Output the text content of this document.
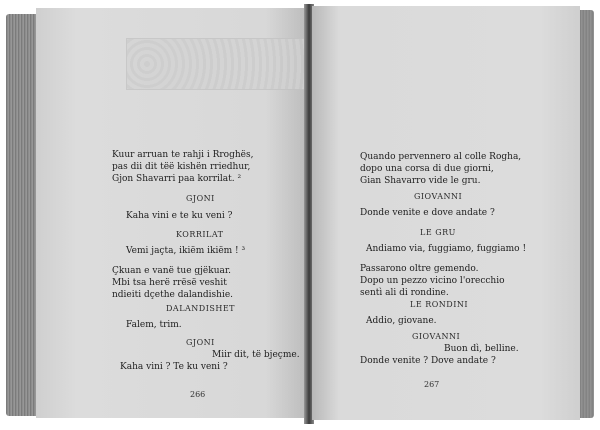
Kuur arruan te rahji i Rroghës,
pas dii dit tëë kishën rriedhur,
Gjon Shavarri paa korrilat. ²
GJONI
Kaha vini e te ku veni ?
KORRILAT
Vemi jaçta, ikiëm ikiëm ! ³
Çkuan e vanë tue gjëkuar.
Mbi tsa herë rrësë veshit
ndieiti dçethe dalandishie.
DALANDISHET
Falem, trim.
GJONI
Miir dit, të bjeçme.
Kaha vini ? Te ku veni ?
266
Quando pervennero al colle Rogha,
dopo una corsa di due giorni,
Gian Shavarro vide le gru.
GIOVANNI
Donde venite e dove andate ?
LE GRU
Andiamo via, fuggiamo, fuggiamo !
Passarono oltre gemendo.
Dopo un pezzo vicino l'orecchio
sentì ali di rondine.
LE RONDINI
Addio, giovane.
GIOVANNI
Buon dì, belline.
Donde venite ? Dove andate ?
267
